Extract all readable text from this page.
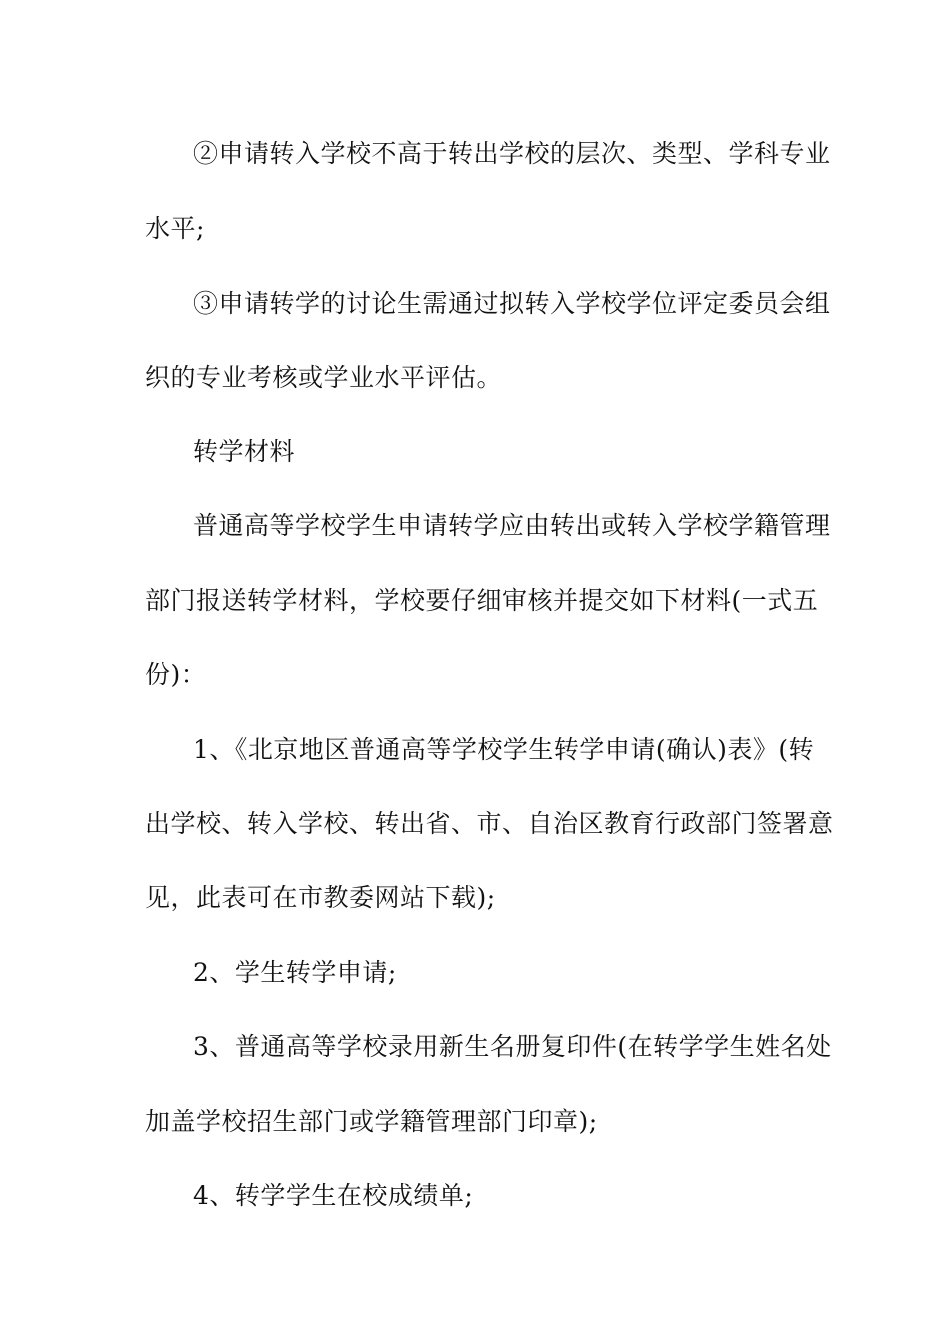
②申请转入学校不高于转出学校的层次、类型、学科专业
水平;
③申请转学的讨论生需通过拟转入学校学位评定委员会组
织的专业考核或学业水平评估。
转学材料
普通高等学校学生申请转学应由转出或转入学校学籍管理
部门报送转学材料，学校要仔细审核并提交如下材料(一式五
份)：
1、《北京地区普通高等学校学生转学申请(确认)表》(转
出学校、转入学校、转出省、市、自治区教育行政部门签署意
见，此表可在市教委网站下载);
2、学生转学申请;
3、普通高等学校录用新生名册复印件(在转学学生姓名处
加盖学校招生部门或学籍管理部门印章);
4、转学学生在校成绩单;
